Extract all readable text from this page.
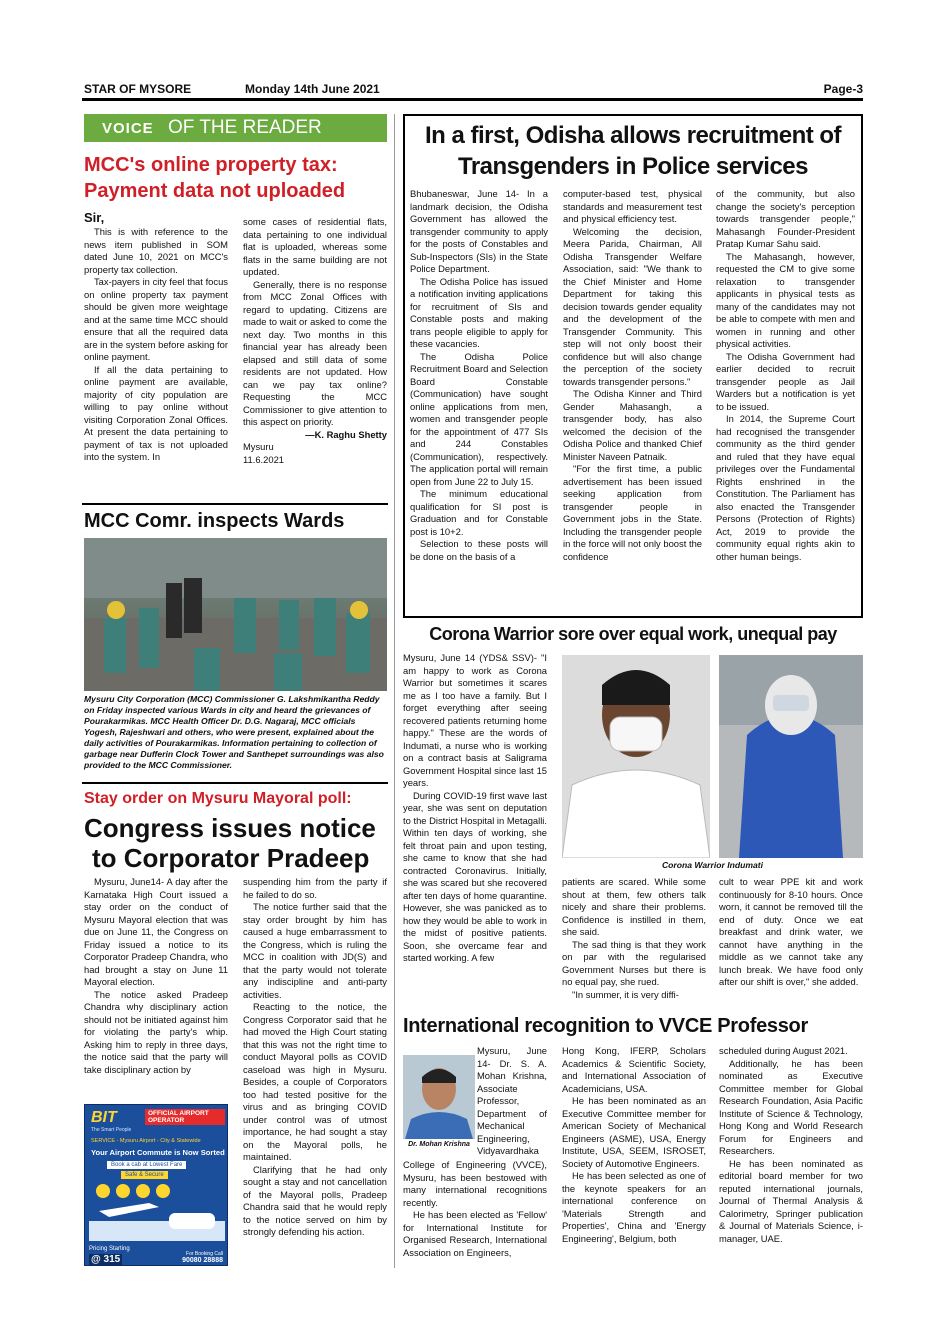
STAR OF MYSORE	Monday 14th June 2021	Page-3
VOICE OF THE READER
MCC's online property tax: Payment data not uploaded

Sir,

This is with reference to the news item published in SOM dated June 10, 2021 on MCC's property tax collection.

Tax-payers in city feel that focus on online property tax payment should be given more weightage and at the same time MCC should ensure that all the required data are in the system before asking for online payment.

If all the data pertaining to online payment are available, majority of city population are willing to pay online without visiting Corporation Zonal Offices. At present the data pertaining to payment of tax is not uploaded into the system. In

some cases of residential flats, data pertaining to one individual flat is uploaded, whereas some flats in the same building are not updated.

Generally, there is no response from MCC Zonal Offices with regard to updating. Citizens are made to wait or asked to come the next day. Two months in this financial year has already been elapsed and still data of some residents are not updated. How can we pay tax online? Requesting the MCC Commissioner to give attention to this aspect on priority.

—K. Raghu Shetty

Mysuru

11.6.2021

MCC Comr. inspects Wards
Mysuru City Corporation (MCC) Commissioner G. Lakshmikantha Reddy on Friday inspected various Wards in city and heard the grievances of Pourakarmikas. MCC Health Officer Dr. D.G. Nagaraj, MCC officials Yogesh, Rajeshwari and others, who were present, explained about the daily activities of Pourakarmikas. Information pertaining to collection of garbage near Dufferin Clock Tower and Santhepet surroundings was also provided to the MCC Commissioner.
Stay order on Mysuru Mayoral poll:
Congress issues notice
to Corporator Pradeep

Mysuru, June14- A day after the Karnataka High Court issued a stay order on the conduct of Mysuru Mayoral election that was due on June 11, the Congress on Friday issued a notice to its Corporator Pradeep Chandra, who had brought a stay on June 11 Mayoral election.

The notice asked Pradeep Chandra why disciplinary action should not be initiated against him for violating the party's whip. Asking him to reply in three days, the notice said that the party will take disciplinary action by

suspending him from the party if he failed to do so.

The notice further said that the stay order brought by him has caused a huge embarrassment to the Congress, which is ruling the MCC in coalition with JD(S) and that the party would not tolerate any indiscipline and anti-party activities.

Reacting to the notice, the Congress Corporator said that he had moved the High Court stating that this was not the right time to conduct Mayoral polls as COVID caseload was high in Mysuru. Besides, a couple of Corporators too had tested positive for the virus and as bringing COVID under control was of utmost importance, he had sought a stay on the Mayoral polls, he maintained.

Clarifying that he had only sought a stay and not cancellation of the Mayoral polls, Pradeep Chandra said that he would reply to the notice served on him by strongly defending his action.

BIT
The Smart People
OFFICIAL AIRPORT
OPERATOR
SERVICE - Mysuru Airport - City & Statewide
Your Airport Commute is Now Sorted
Book a cab at Lowest Fare
Safe & Secure
Pricing Starting
@ 315	For Booking Call
90080 28888
In a first, Odisha allows recruitment of
Transgenders in Police services

Bhubaneswar, June 14- In a landmark decision, the Odisha Government has allowed the transgender community to apply for the posts of Constables and Sub-Inspectors (SIs) in the State Police Department.

The Odisha Police has issued a notification inviting applications for recruitment of SIs and Constable posts and making trans people eligible to apply for these vacancies.

The Odisha Police Recruitment Board and Selection Board Constable (Communication) have sought online applications from men, women and transgender people for the appointment of 477 SIs and 244 Constables (Communication), respectively. The application portal will remain open from June 22 to July 15.

The minimum educational qualification for SI post is Graduation and for Constable post is 10+2.

Selection to these posts will be done on the basis of a

computer-based test, physical standards and measurement test and physical efficiency test.

Welcoming the decision, Meera Parida, Chairman, All Odisha Transgender Welfare Association, said: "We thank to the Chief Minister and Home Department for taking this decision towards gender equality and the development of the Transgender Community. This step will not only boost their confidence but will also change the perception of the society towards transgender persons."

The Odisha Kinner and Third Gender Mahasangh, a transgender body, has also welcomed the decision of the Odisha Police and thanked Chief Minister Naveen Patnaik.

"For the first time, a public advertisement has been issued seeking application from transgender people in Government jobs in the State. Including the transgender people in the force will not only boost the confidence

of the community, but also change the society's perception towards transgender people," Mahasangh Founder-President Pratap Kumar Sahu said.

The Mahasangh, however, requested the CM to give some relaxation to transgender applicants in physical tests as many of the candidates may not be able to compete with men and women in running and other physical activities.

The Odisha Government had earlier decided to recruit transgender people as Jail Warders but a notification is yet to be issued.

In 2014, the Supreme Court had recognised the transgender community as the third gender and ruled that they have equal privileges over the Fundamental Rights enshrined in the Constitution. The Parliament has also enacted the Transgender Persons (Protection of Rights) Act, 2019 to provide the community equal rights akin to other human beings.

Corona Warrior sore over equal work, unequal pay

Mysuru, June 14 (YDS& SSV)- "I am happy to work as Corona Warrior but sometimes it scares me as I too have a family. But I forget everything after seeing recovered patients returning home happy." These are the words of Indumati, a nurse who is working on a contract basis at Saligrama Government Hospital since last 15 years.

During COVID-19 first wave last year, she was sent on deputation to the District Hospital in Metagalli. Within ten days of working, she felt throat pain and upon testing, she came to know that she had contracted Coronavirus. Initially, she was scared but she recovered after ten days of home quarantine. However, she was panicked as to how they would be able to work in the midst of positive patients. Soon, she overcame fear and started working. A few

Corona Warrior Indumati

patients are scared. While some shout at them, few others talk nicely and share their problems. Confidence is instilled in them, she said.

The sad thing is that they work on par with the regularised Government Nurses but there is no equal pay, she rued.

"In summer, it is very diffi-

cult to wear PPE kit and work continuously for 8-10 hours. Once worn, it cannot be removed till the end of duty. Once we eat breakfast and drink water, we cannot have anything in the middle as we cannot take any lunch break. We have food only after our shift is over," she added.

International recognition to VVCE Professor
Dr. Mohan Krishna
Mysuru, June 14- Dr. S. A. Mohan Krishna, Associate Professor, Department of Mechanical Engineering, Vidyavardhaka

College of Engineering (VVCE), Mysuru, has been bestowed with many international recognitions recently.

He has been elected as 'Fellow' for International Institute for Organised Research, International Association on Engineers,

Hong Kong, IFERP, Scholars Academics & Scientific Society, and International Association of Academicians, USA.

He has been nominated as an Executive Committee member for American Society of Mechanical Engineers (ASME), USA, Energy Institute, USA, SEEM, ISROSET, Society of Automotive Engineers.

He has been selected as one of the keynote speakers for an international conference on 'Materials Strength and Properties', China and 'Energy Engineering', Belgium, both

scheduled during August 2021.

Additionally, he has been nominated as Executive Committee member for Global Research Foundation, Asia Pacific Institute of Science & Technology, Hong Kong and World Research Forum for Engineers and Researchers.

He has been nominated as editorial board member for two reputed international journals, Journal of Thermal Analysis & Calorimetry, Springer publication & Journal of Materials Science, i-manager, UAE.
